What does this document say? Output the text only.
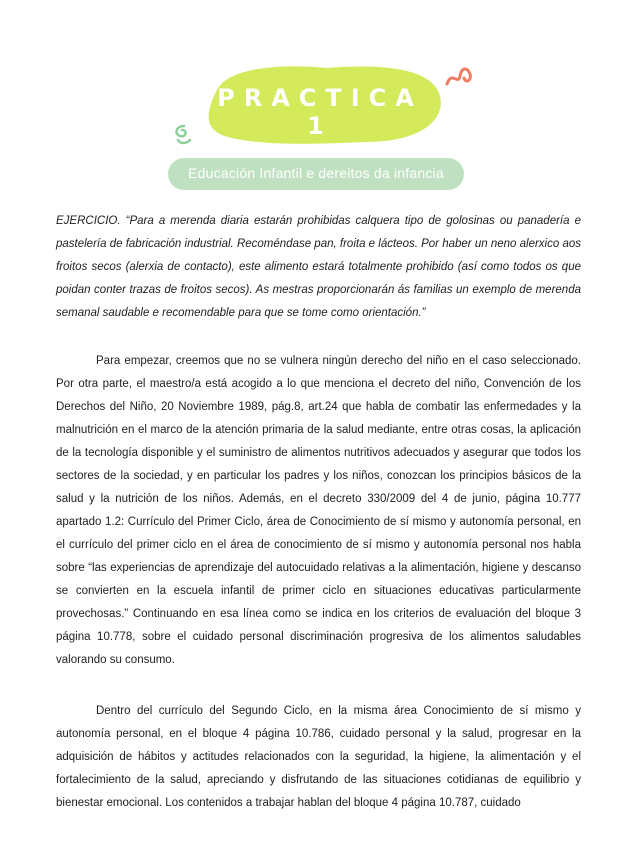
PRACTICA 1
Educación Infantil e dereitos da infancia

EJERCICIO. “Para a merenda diaria estarán prohibidas calquera tipo de golosinas ou panadería e pastelería de fabricación industrial. Recoméndase pan, froita e lácteos. Por haber un neno alerxico aos froitos secos (alerxia de contacto), este alimento estará totalmente prohibido (así como todos os que poidan conter trazas de froitos secos). As mestras proporcionarán ás familias un exemplo de merenda semanal saudable e recomendable para que se tome como orientación.”

Para empezar, creemos que no se vulnera ningún derecho del niño en el caso seleccionado. Por otra parte, el maestro/a está acogido a lo que menciona el decreto del niño, Convención de los Derechos del Niño, 20 Noviembre 1989, pág.8, art.24 que habla de combatir las enfermedades y la malnutrición en el marco de la atención primaria de la salud mediante, entre otras cosas, la aplicación de la tecnología disponible y el suministro de alimentos nutritivos adecuados y asegurar que todos los sectores de la sociedad, y en particular los padres y los niños, conozcan los principios básicos de la salud y la nutrición de los niños. Además, en el decreto 330/2009 del 4 de junio, página 10.777 apartado 1.2: Currículo del Primer Ciclo, área de Conocimiento de sí mismo y autonomía personal, en el currículo del primer ciclo en el área de conocimiento de sí mismo y autonomía personal nos habla sobre “las experiencias de aprendizaje del autocuidado relativas a la alimentación, higiene y descanso se convierten en la escuela infantil de primer ciclo en situaciones educativas particularmente provechosas.” Continuando en esa línea como se indica en los criterios de evaluación del bloque 3 página 10.778, sobre el cuidado personal discriminación progresiva de los alimentos saludables valorando su consumo.

Dentro del currículo del Segundo Ciclo, en la misma área Conocimiento de sí mismo y autonomía personal, en el bloque 4 página 10.786, cuidado personal y la salud, progresar en la adquisición de hábitos y actitudes relacionados con la seguridad, la higiene, la alimentación y el fortalecimiento de la salud, apreciando y disfrutando de las situaciones cotidianas de equilibrio y bienestar emocional. Los contenidos a trabajar hablan del bloque 4 página 10.787, cuidado
